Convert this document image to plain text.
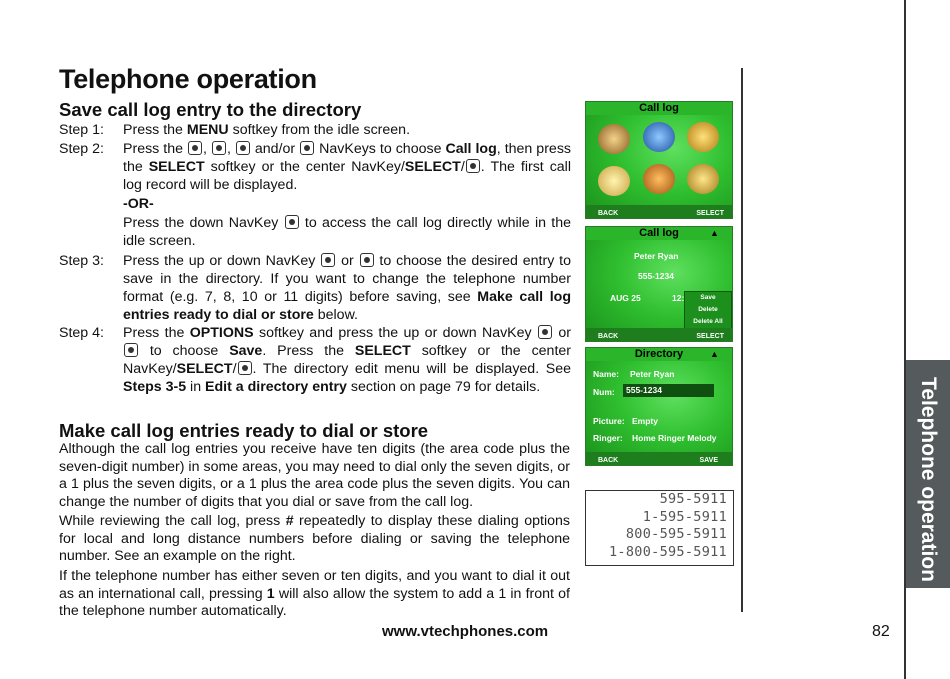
Telephone operation
Save call log entry to the directory
Step 1:	Press the MENU softkey from the idle screen.
Step 2:	Press the , ,  and/or  NavKeys to choose Call log, then press the SELECT softkey or the center NavKey/SELECT/ . The first call log record will be displayed.
-OR-
Press the down NavKey  to access the call log directly while in the idle screen.
Step 3:	Press the up or down NavKey  or  to choose the desired entry to save in the directory. If you want to change the telephone number format (e.g. 7, 8, 10 or 11 digits) before saving, see Make call log entries ready to dial or store below.
Step 4:	Press the OPTIONS softkey and press the up or down NavKey  or  to choose Save. Press the SELECT softkey or the center NavKey/SELECT/ . The directory edit menu will be displayed. See Steps 3-5 in Edit a directory entry section on page 79 for details.
Make call log entries ready to dial or store
Although the call log entries you receive have ten digits (the area code plus the seven-digit number) in some areas, you may need to dial only the seven digits, or a 1 plus the seven digits, or a 1 plus the area code plus the seven digits. You can change the number of digits that you dial or save from the call log.
While reviewing the call log, press # repeatedly to display these dialing options for local and long distance numbers before dialing or saving the telephone number. See an example on the right.
If the telephone number has either seven or ten digits, and you want to dial it out as an international call, pressing 1 will also allow the system to add a 1 in front of the telephone number automatically.
Call log
BACK	SELECT
Call log	▲
Peter Ryan
555-1234
AUG 25	12:	Save
Delete
Delete All
BACK	SELECT
Directory	▲
Name: Peter Ryan
Num:	555-1234
Picture: Empty
Ringer: Home Ringer Melody
BACK	SAVE
595-5911
1-595-5911
800-595-5911
1-800-595-5911	Telephone operation
www.vtechphones.com	82
